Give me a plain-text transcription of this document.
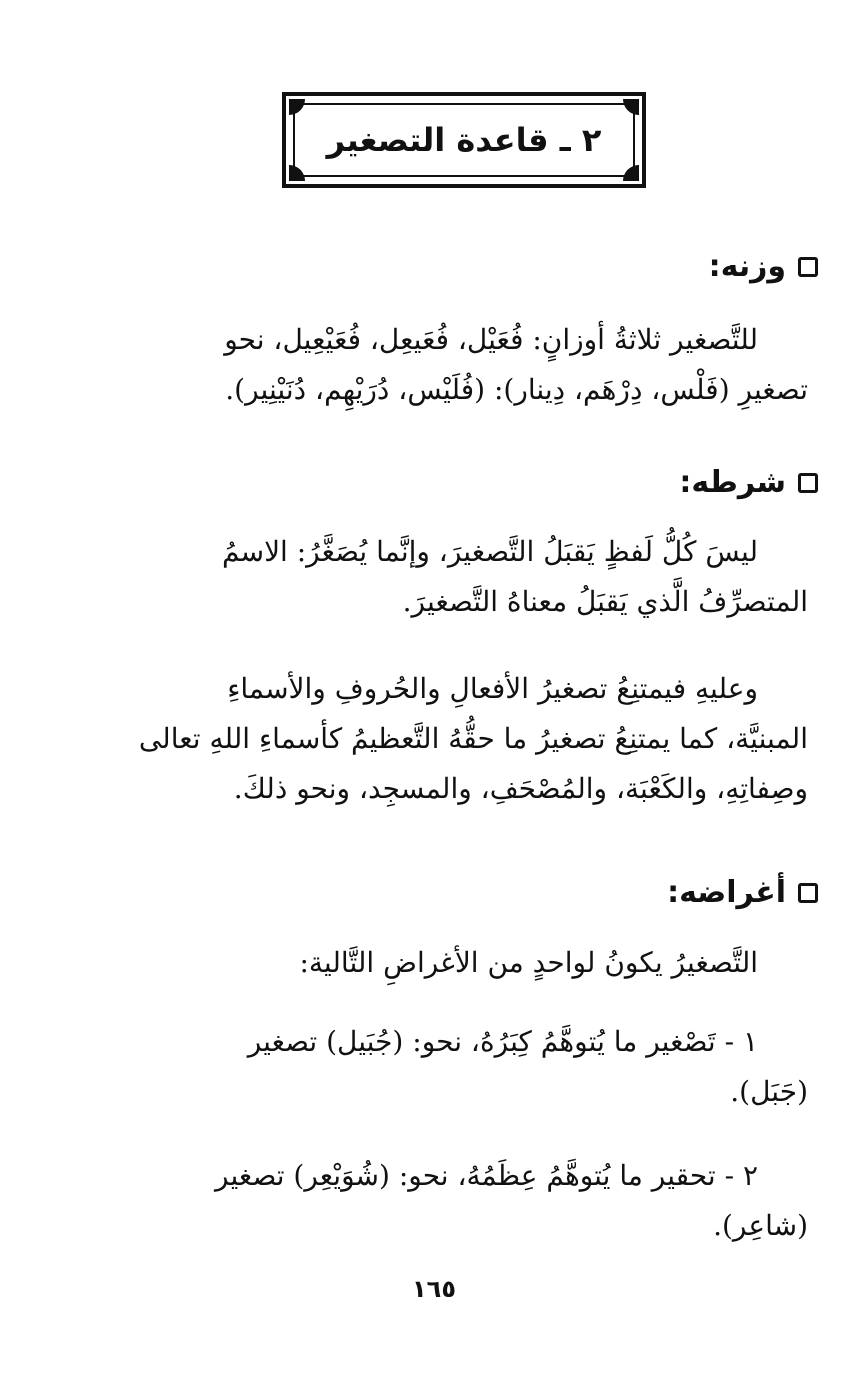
٢ ـ قاعدة التصغير
وزنه:
للتَّصغير ثلاثةُ أوزانٍ: فُعَيْل، فُعَيعِل، فُعَيْعِيل، نحو
تصغيرِ (فَلْس، دِرْهَم، دِينار): (فُلَيْس، دُرَيْهِم، دُنَيْنِير).
شرطه:
ليسَ كُلُّ لَفظٍ يَقبَلُ التَّصغيرَ، وإنَّما يُصَغَّرُ: الاسمُ
المتصرِّفُ الَّذي يَقبَلُ معناهُ التَّصغيرَ.
وعليهِ فيمتنِعُ تصغيرُ الأفعالِ والحُروفِ والأسماءِ
المبنيَّة، كما يمتنِعُ تصغيرُ ما حقُّهُ التَّعظيمُ كأسماءِ اللهِ تعالى
وصِفاتِهِ، والكَعْبَة، والمُصْحَفِ، والمسجِد، ونحو ذلكَ.
أغراضه:
التَّصغيرُ يكونُ لواحدٍ من الأغراضِ التَّالية:
١ - تَصْغير ما يُتوهَّمُ كِبَرُهُ، نحو: (جُبَيل) تصغير
(جَبَل).
٢ - تحقير ما يُتوهَّمُ عِظَمُهُ، نحو: (شُوَيْعِر) تصغير
(شاعِر).
١٦٥
